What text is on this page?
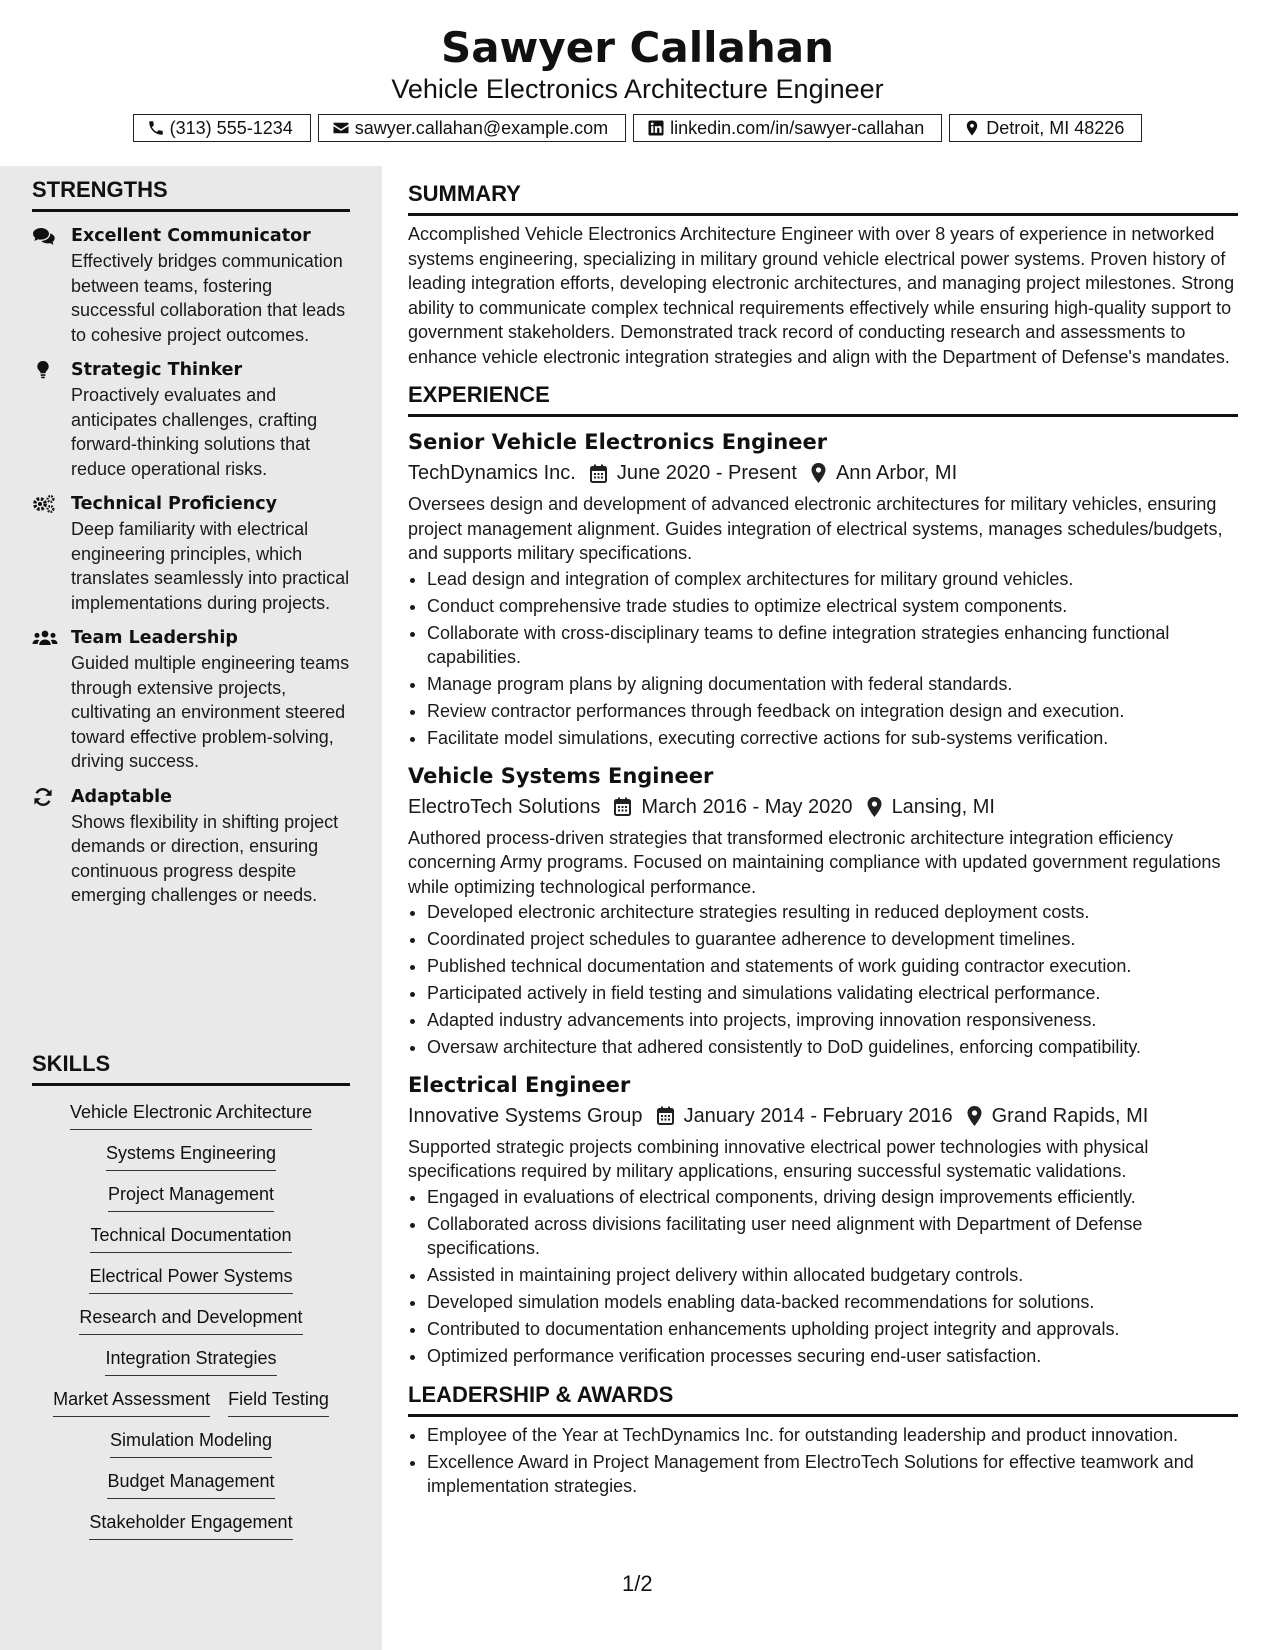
Sawyer Callahan
Vehicle Electronics Architecture Engineer
(313) 555-1234	sawyer.callahan@example.com	linkedin.com/in/sawyer-callahan	Detroit, MI 48226
STRENGTHS
Excellent Communicator
Effectively bridges communication between teams, fostering successful collaboration that leads to cohesive project outcomes.
Strategic Thinker
Proactively evaluates and anticipates challenges, crafting forward-thinking solutions that reduce operational risks.
Technical Proficiency
Deep familiarity with electrical engineering principles, which translates seamlessly into practical implementations during projects.
Team Leadership
Guided multiple engineering teams through extensive projects, cultivating an environment steered toward effective problem-solving, driving success.
Adaptable
Shows flexibility in shifting project demands or direction, ensuring continuous progress despite emerging challenges or needs.
SKILLS
Vehicle Electronic Architecture
Systems Engineering
Project Management
Technical Documentation
Electrical Power Systems
Research and Development
Integration Strategies
Market Assessment Field Testing
Simulation Modeling
Budget Management
Stakeholder Engagement
SUMMARY
Accomplished Vehicle Electronics Architecture Engineer with over 8 years of experience in networked systems engineering, specializing in military ground vehicle electrical power systems. Proven history of leading integration efforts, developing electronic architectures, and managing project milestones. Strong ability to communicate complex technical requirements effectively while ensuring high-quality support to government stakeholders. Demonstrated track record of conducting research and assessments to enhance vehicle electronic integration strategies and align with the Department of Defense's mandates.
EXPERIENCE
Senior Vehicle Electronics Engineer
TechDynamics Inc. June 2020 - Present Ann Arbor, MI
Oversees design and development of advanced electronic architectures for military vehicles, ensuring project management alignment. Guides integration of electrical systems, manages schedules/budgets, and supports military specifications.
• Lead design and integration of complex architectures for military ground vehicles.
• Conduct comprehensive trade studies to optimize electrical system components.
• Collaborate with cross-disciplinary teams to define integration strategies enhancing functional capabilities.
• Manage program plans by aligning documentation with federal standards.
• Review contractor performances through feedback on integration design and execution.
• Facilitate model simulations, executing corrective actions for sub-systems verification.
Vehicle Systems Engineer
ElectroTech Solutions March 2016 - May 2020 Lansing, MI
Authored process-driven strategies that transformed electronic architecture integration efficiency concerning Army programs. Focused on maintaining compliance with updated government regulations while optimizing technological performance.
• Developed electronic architecture strategies resulting in reduced deployment costs.
• Coordinated project schedules to guarantee adherence to development timelines.
• Published technical documentation and statements of work guiding contractor execution.
• Participated actively in field testing and simulations validating electrical performance.
• Adapted industry advancements into projects, improving innovation responsiveness.
• Oversaw architecture that adhered consistently to DoD guidelines, enforcing compatibility.
Electrical Engineer
Innovative Systems Group January 2014 - February 2016 Grand Rapids, MI
Supported strategic projects combining innovative electrical power technologies with physical specifications required by military applications, ensuring successful systematic validations.
• Engaged in evaluations of electrical components, driving design improvements efficiently.
• Collaborated across divisions facilitating user need alignment with Department of Defense specifications.
• Assisted in maintaining project delivery within allocated budgetary controls.
• Developed simulation models enabling data-backed recommendations for solutions.
• Contributed to documentation enhancements upholding project integrity and approvals.
• Optimized performance verification processes securing end-user satisfaction.
LEADERSHIP & AWARDS
• Employee of the Year at TechDynamics Inc. for outstanding leadership and product innovation.
• Excellence Award in Project Management from ElectroTech Solutions for effective teamwork and implementation strategies.
1/2
